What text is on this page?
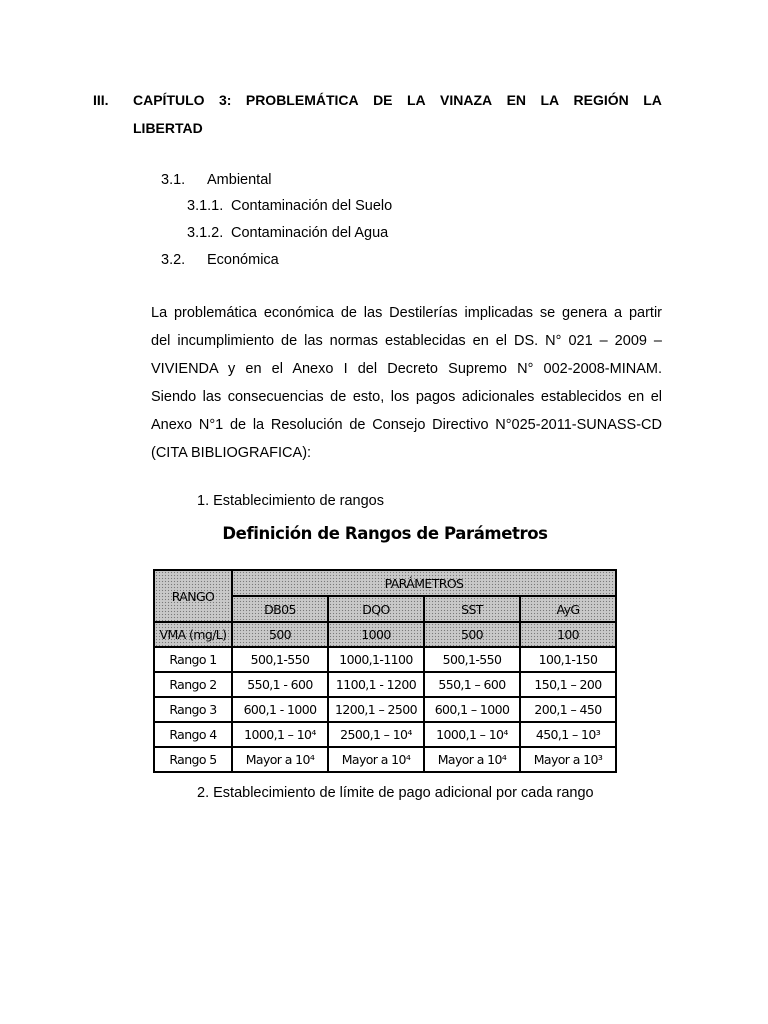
III. CAPÍTULO 3: PROBLEMÁTICA DE LA VINAZA EN LA REGIÓN LA
LIBERTAD
3.1. Ambiental
3.1.1. Contaminación del Suelo
3.1.2. Contaminación del Agua
3.2. Económica
La problemática económica de las Destilerías implicadas se genera a partir
del incumplimiento de las normas establecidas en el DS. N° 021 – 2009 –
VIVIENDA y en el Anexo I del Decreto Supremo N° 002-2008-MINAM.
Siendo las consecuencias de esto, los pagos adicionales establecidos en el
Anexo N°1 de la Resolución de Consejo Directivo N°025-2011-SUNASS-CD
(CITA BIBLIOGRAFICA):
1. Establecimiento de rangos
Definición de Rangos de Parámetros
RANGO	PARÁMETROS			
	DB05	DQO	SST	AyG
VMA (mg/L)	500	1000	500	100
Rango 1	500,1-550	1000,1-1100	500,1-550	100,1-150
Rango 2	550,1 - 600	1100,1 - 1200	550,1 – 600	150,1 – 200
Rango 3	600,1 - 1000	1200,1 – 2500	600,1 – 1000	200,1 – 450
Rango 4	1000,1 – 10⁴	2500,1 – 10⁴	1000,1 – 10⁴	450,1 – 10³
Rango 5	Mayor a 10⁴	Mayor a 10⁴	Mayor a 10⁴	Mayor a 10³
2. Establecimiento de límite de pago adicional por cada rango
